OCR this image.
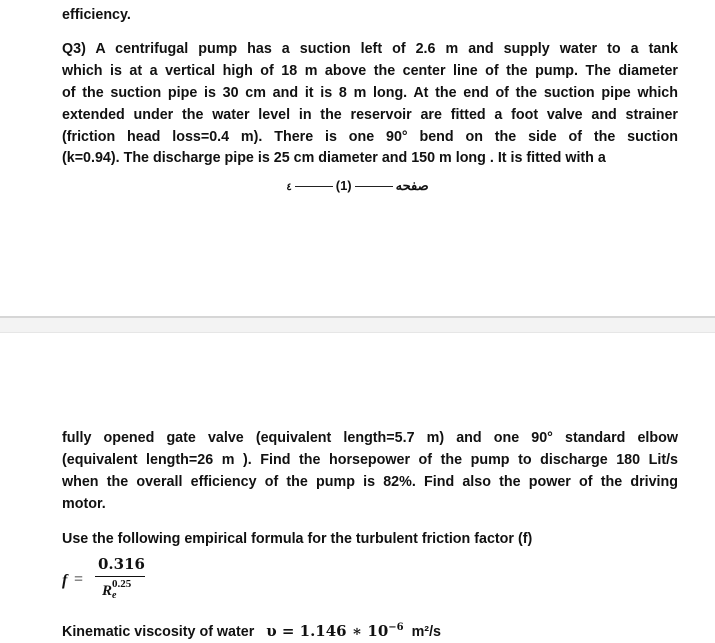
efficiency.
Q3) A centrifugal pump has a suction left of 2.6 m and supply water to a tank
which is at a vertical high of 18 m above the center line of the pump. The diameter
of the suction pipe is 30 cm and it is 8 m long. At the end of the suction pipe which
extended under the water level in the reservoir are fitted a foot valve and strainer
(friction head loss=0.4 m). There is one 90° bend on the side of the suction
(k=0.94). The discharge pipe is 25 cm diameter and 150 m long . It is fitted with a
٤	(1)	صفحه
fully opened gate valve (equivalent length=5.7 m) and one 90° standard elbow
(equivalent length=26 m ). Find the horsepower of the pump to discharge 180 Lit/s
when the overall efficiency of the pump is 82%. Find also the power of the driving
motor.
Use the following empirical formula for the turbulent friction factor (f)
f =
0.316
$R^{0.25}$
e
Kinematic viscosity of water υ = 1.146 ∗ $10^{-6}$ m²/s
